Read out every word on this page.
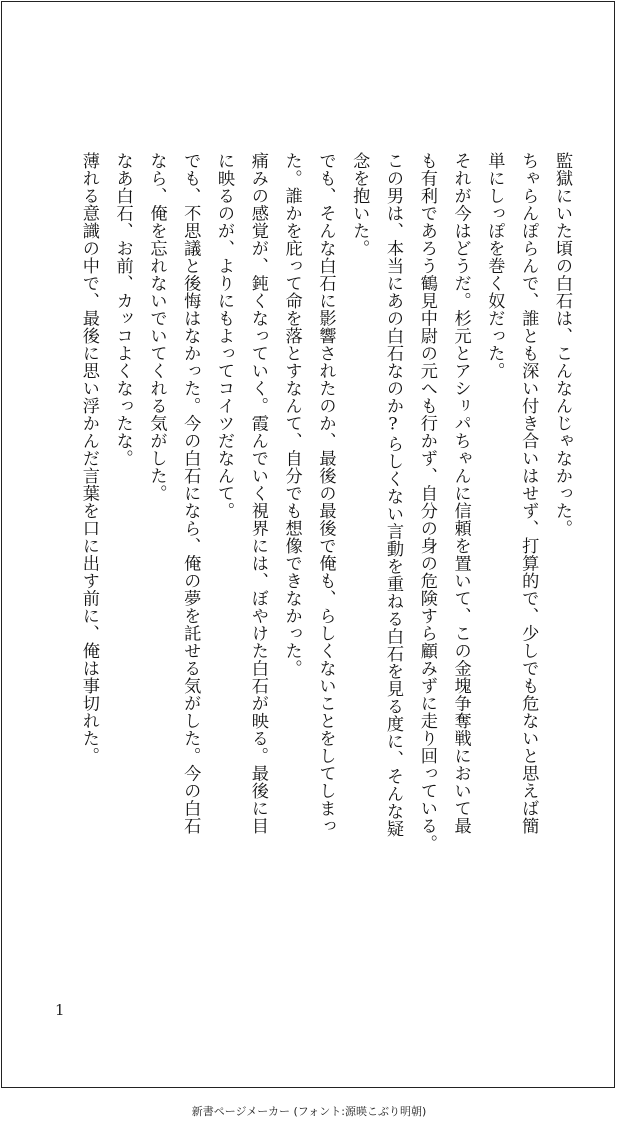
監獄にいた頃の白石は、こんなんじゃなかった。
ちゃらんぽらんで、誰とも深い付き合いはせず、打算的で、少しでも危ないと思えば簡
単にしっぽを巻く奴だった。
それが今はどうだ。杉元とアシㇼパちゃんに信頼を置いて、この金塊争奪戦において最
も有利であろう鶴見中尉の元へも行かず、自分の身の危険すら顧みずに走り回っている。
この男は、本当にあの白石なのか?らしくない言動を重ねる白石を見る度に、そんな疑
念を抱いた。
でも、そんな白石に影響されたのか、最後の最後で俺も、らしくないことをしてしまっ
た。誰かを庇って命を落とすなんて、自分でも想像できなかった。
痛みの感覚が、鈍くなっていく。霞んでいく視界には、ぼやけた白石が映る。最後に目
に映るのが、よりにもよってコイツだなんて。
でも、不思議と後悔はなかった。今の白石になら、俺の夢を託せる気がした。今の白石
なら、俺を忘れないでいてくれる気がした。
なあ白石、お前、カッコよくなったな。
薄れる意識の中で、最後に思い浮かんだ言葉を口に出す前に、俺は事切れた。
1
新書ページメーカー (フォント:源暎こぶり明朝)
